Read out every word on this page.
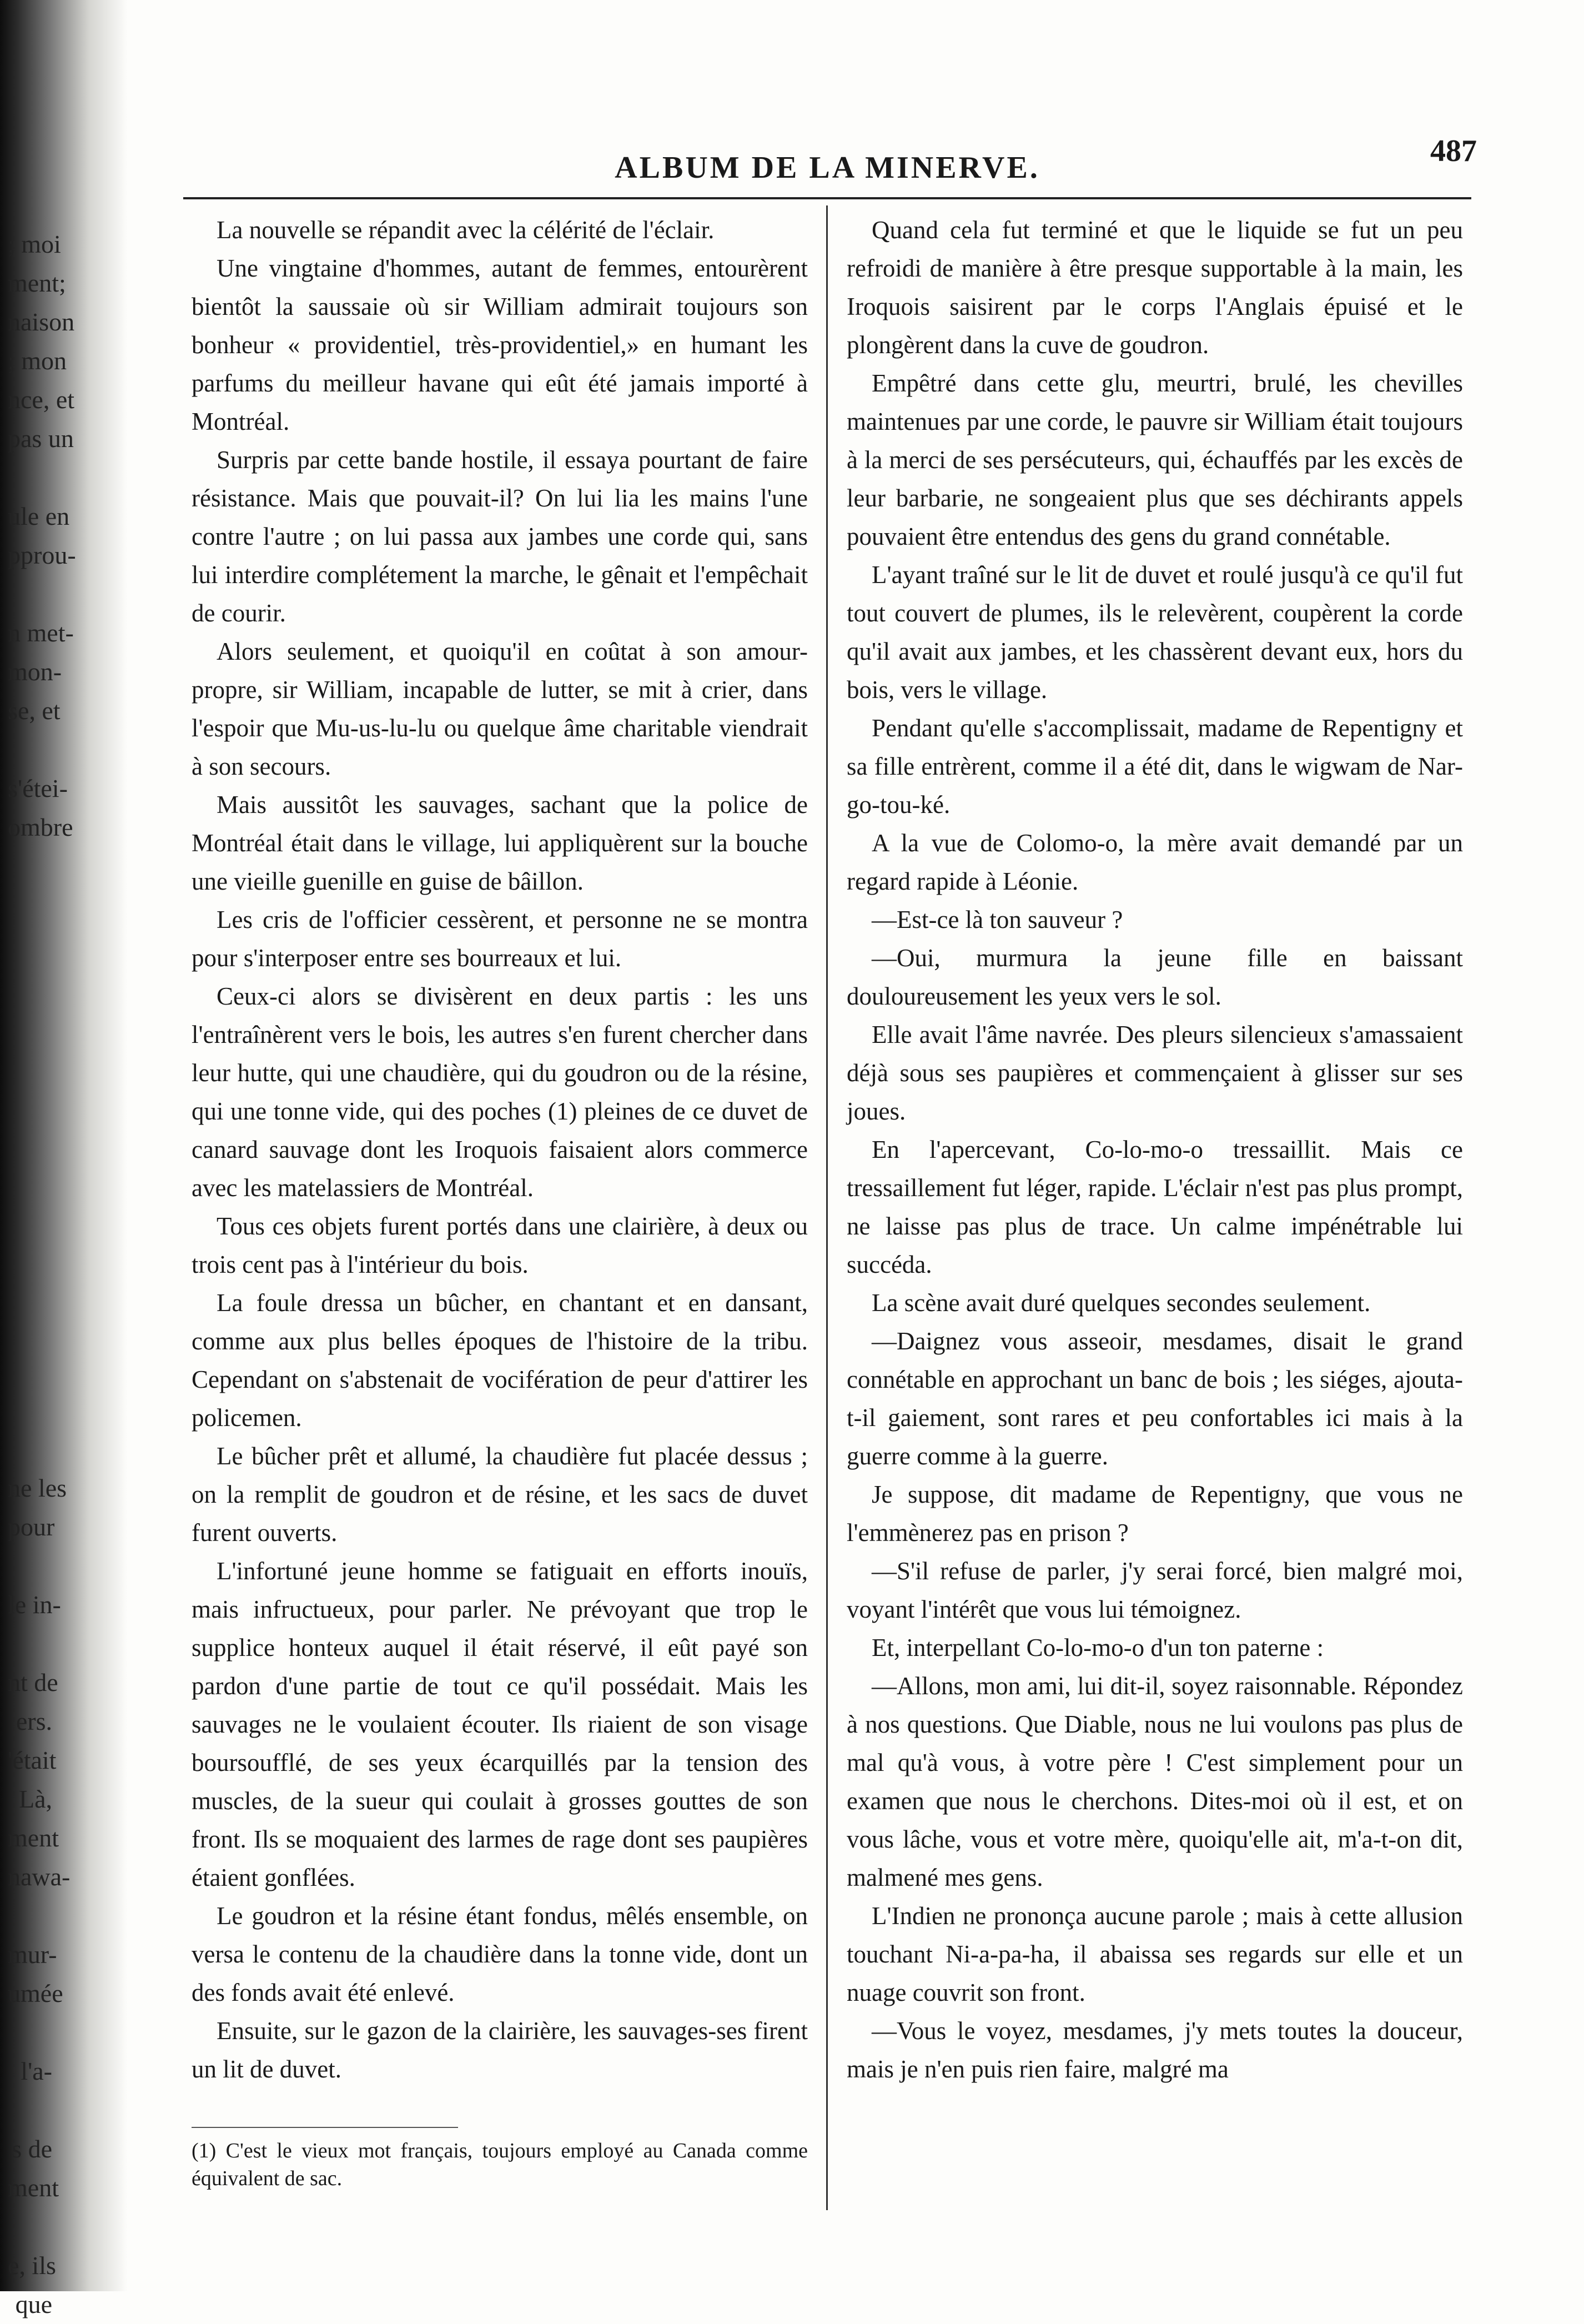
; moi
ment;
naison
; mon
nce, et
pas un
ule en
pprou-
n met-
mon-
se, et
s'étei-
ombre
ne les
pour
le in-
nt de
ers.
'était
Là,
ment
nawa-
mur-
umée
l'a-
s de
ment
e, ils
que
ALBUM DE LA MINERVE.	487

La nouvelle se répandit avec la célérité de l'éclair.

Une vingtaine d'hommes, autant de femmes, entourèrent bientôt la saussaie où sir William admirait toujours son bonheur « providentiel, très-providentiel,» en humant les parfums du meilleur havane qui eût été jamais importé à Montréal.

Surpris par cette bande hostile, il essaya pourtant de faire résistance. Mais que pouvait-il? On lui lia les mains l'une contre l'autre ; on lui passa aux jambes une corde qui, sans lui interdire complétement la marche, le gênait et l'empêchait de courir.

Alors seulement, et quoiqu'il en coûtat à son amour-propre, sir William, incapable de lutter, se mit à crier, dans l'espoir que Mu-us-lu-lu ou quelque âme charitable viendrait à son secours.

Mais aussitôt les sauvages, sachant que la police de Montréal était dans le village, lui appliquèrent sur la bouche une vieille guenille en guise de bâillon.

Les cris de l'officier cessèrent, et personne ne se montra pour s'interposer entre ses bourreaux et lui.

Ceux-ci alors se divisèrent en deux partis : les uns l'entraînèrent vers le bois, les autres s'en furent chercher dans leur hutte, qui une chaudière, qui du goudron ou de la résine, qui une tonne vide, qui des poches (1) pleines de ce duvet de canard sauvage dont les Iroquois faisaient alors commerce avec les matelassiers de Montréal.

Tous ces objets furent portés dans une clairière, à deux ou trois cent pas à l'intérieur du bois.

La foule dressa un bûcher, en chantant et en dansant, comme aux plus belles époques de l'histoire de la tribu. Cependant on s'abstenait de vocifération de peur d'attirer les policemen.

Le bûcher prêt et allumé, la chaudière fut placée dessus ; on la remplit de goudron et de résine, et les sacs de duvet furent ouverts.

L'infortuné jeune homme se fatiguait en efforts inouïs, mais infructueux, pour parler. Ne prévoyant que trop le supplice honteux auquel il était réservé, il eût payé son pardon d'une partie de tout ce qu'il possédait. Mais les sauvages ne le voulaient écouter. Ils riaient de son visage boursoufflé, de ses yeux écarquillés par la tension des muscles, de la sueur qui coulait à grosses gouttes de son front. Ils se moquaient des larmes de rage dont ses paupières étaient gonflées.

Le goudron et la résine étant fondus, mêlés ensemble, on versa le contenu de la chaudière dans la tonne vide, dont un des fonds avait été enlevé.

Ensuite, sur le gazon de la clairière, les sauvages-ses firent un lit de duvet.

(1) C'est le vieux mot français, toujours employé au Canada comme équivalent de sac.

Quand cela fut terminé et que le liquide se fut un peu refroidi de manière à être presque supportable à la main, les Iroquois saisirent par le corps l'Anglais épuisé et le plongèrent dans la cuve de goudron.

Empêtré dans cette glu, meurtri, brulé, les chevilles maintenues par une corde, le pauvre sir William était toujours à la merci de ses persécuteurs, qui, échauffés par les excès de leur barbarie, ne songeaient plus que ses déchirants appels pouvaient être entendus des gens du grand connétable.

L'ayant traîné sur le lit de duvet et roulé jusqu'à ce qu'il fut tout couvert de plumes, ils le relevèrent, coupèrent la corde qu'il avait aux jambes, et les chassèrent devant eux, hors du bois, vers le village.

Pendant qu'elle s'accomplissait, madame de Repentigny et sa fille entrèrent, comme il a été dit, dans le wigwam de Nar-go-tou-ké.

A la vue de Colomo-o, la mère avait demandé par un regard rapide à Léonie.

—Est-ce là ton sauveur ?

—Oui, murmura la jeune fille en baissant douloureusement les yeux vers le sol.

Elle avait l'âme navrée. Des pleurs silencieux s'amassaient déjà sous ses paupières et commençaient à glisser sur ses joues.

En l'apercevant, Co-lo-mo-o tressaillit. Mais ce tressaillement fut léger, rapide. L'éclair n'est pas plus prompt, ne laisse pas plus de trace. Un calme impénétrable lui succéda.

La scène avait duré quelques secondes seulement.

—Daignez vous asseoir, mesdames, disait le grand connétable en approchant un banc de bois ; les siéges, ajouta-t-il gaiement, sont rares et peu confortables ici mais à la guerre comme à la guerre.

Je suppose, dit madame de Repentigny, que vous ne l'emmènerez pas en prison ?

—S'il refuse de parler, j'y serai forcé, bien malgré moi, voyant l'intérêt que vous lui témoignez.

Et, interpellant Co-lo-mo-o d'un ton paterne :

—Allons, mon ami, lui dit-il, soyez raisonnable. Répondez à nos questions. Que Diable, nous ne lui voulons pas plus de mal qu'à vous, à votre père ! C'est simplement pour un examen que nous le cherchons. Dites-moi où il est, et on vous lâche, vous et votre mère, quoiqu'elle ait, m'a-t-on dit, malmené mes gens.

L'Indien ne prononça aucune parole ; mais à cette allusion touchant Ni-a-pa-ha, il abaissa ses regards sur elle et un nuage couvrit son front.

—Vous le voyez, mesdames, j'y mets toutes la douceur, mais je n'en puis rien faire, malgré ma
